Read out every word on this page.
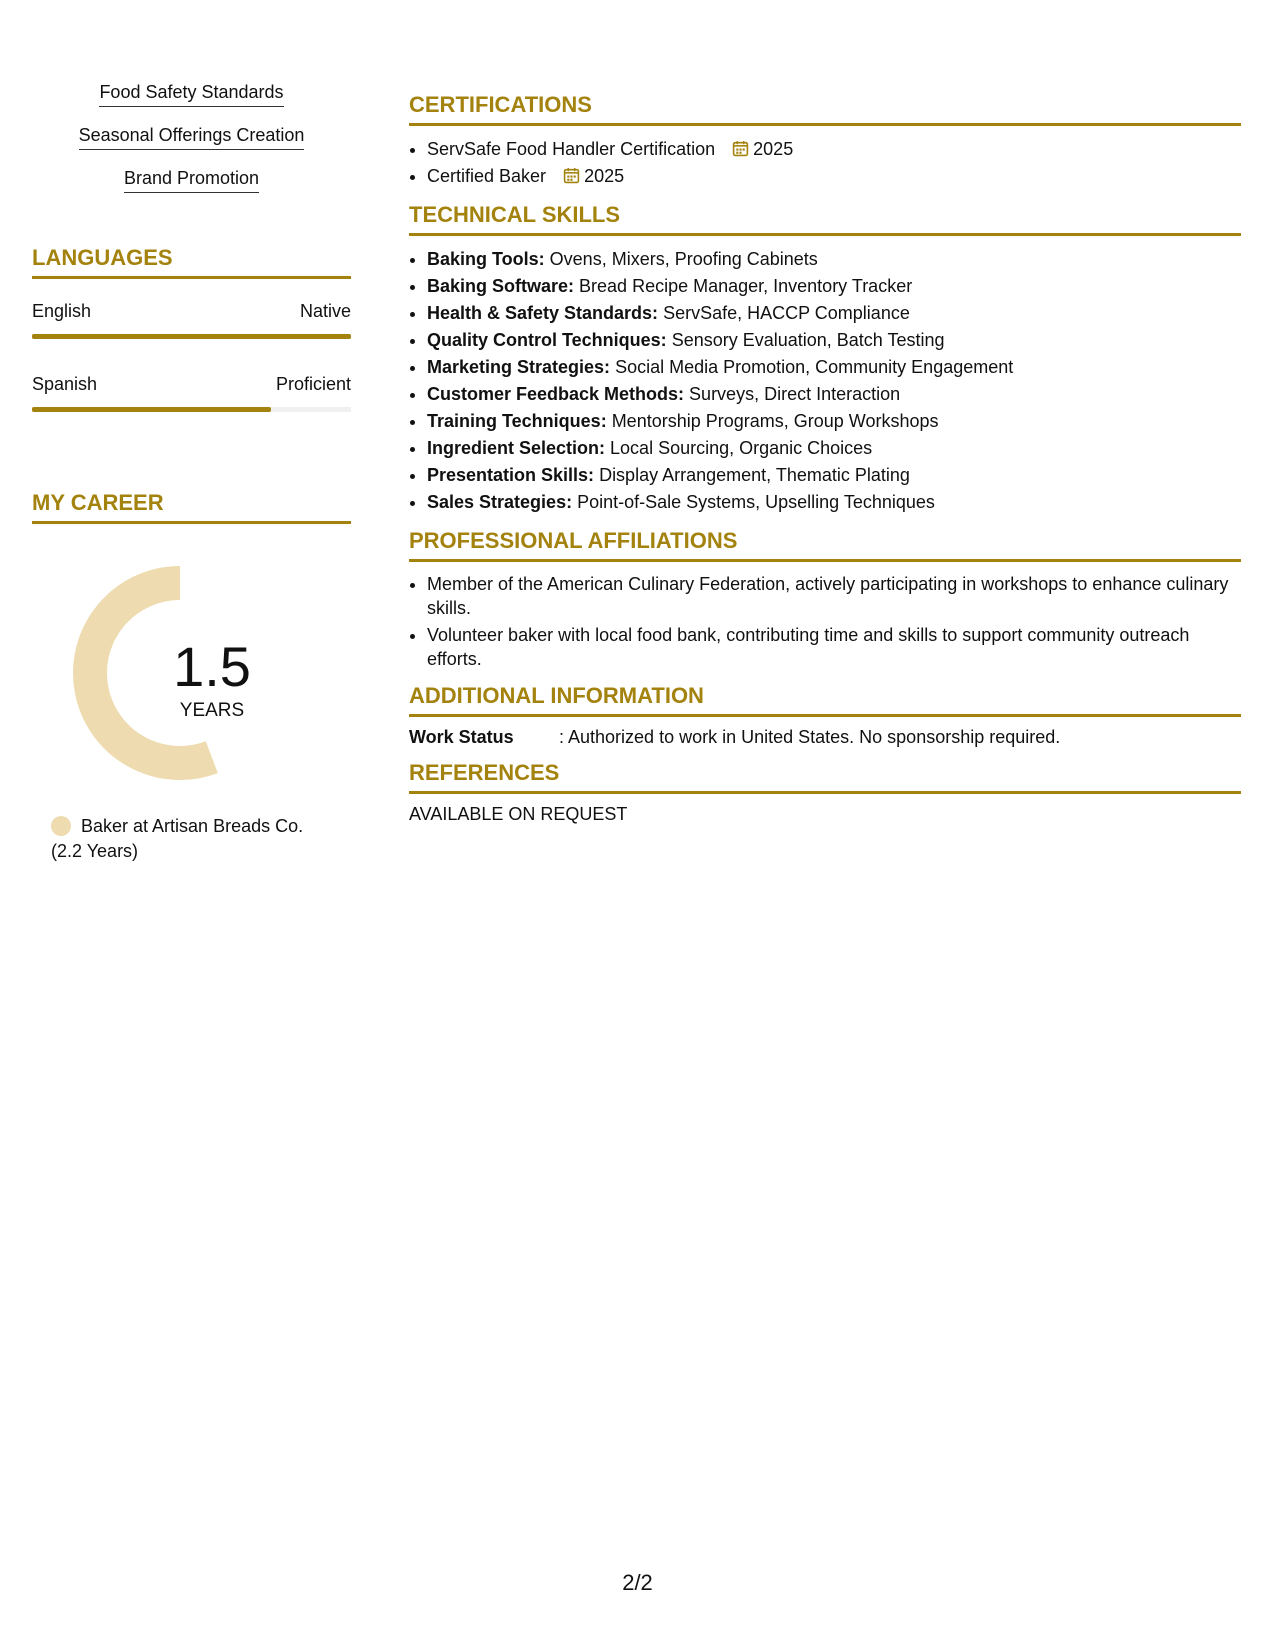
Food Safety Standards
Seasonal Offerings Creation
Brand Promotion
LANGUAGES
English	Native
Spanish	Proficient
MY CAREER
1.5
YEARS
Baker at Artisan Breads Co.
(2.2 Years)
CERTIFICATIONS
• ServSafe Food Handler Certification 2025
• Certified Baker 2025
TECHNICAL SKILLS
• Baking Tools: Ovens, Mixers, Proofing Cabinets
• Baking Software: Bread Recipe Manager, Inventory Tracker
• Health & Safety Standards: ServSafe, HACCP Compliance
• Quality Control Techniques: Sensory Evaluation, Batch Testing
• Marketing Strategies: Social Media Promotion, Community Engagement
• Customer Feedback Methods: Surveys, Direct Interaction
• Training Techniques: Mentorship Programs, Group Workshops
• Ingredient Selection: Local Sourcing, Organic Choices
• Presentation Skills: Display Arrangement, Thematic Plating
• Sales Strategies: Point-of-Sale Systems, Upselling Techniques
PROFESSIONAL AFFILIATIONS
• Member of the American Culinary Federation, actively participating in workshops to enhance culinary skills.
• Volunteer baker with local food bank, contributing time and skills to support community outreach efforts.
ADDITIONAL INFORMATION
Work Status	: Authorized to work in United States. No sponsorship required.
REFERENCES
AVAILABLE ON REQUEST
2/2
